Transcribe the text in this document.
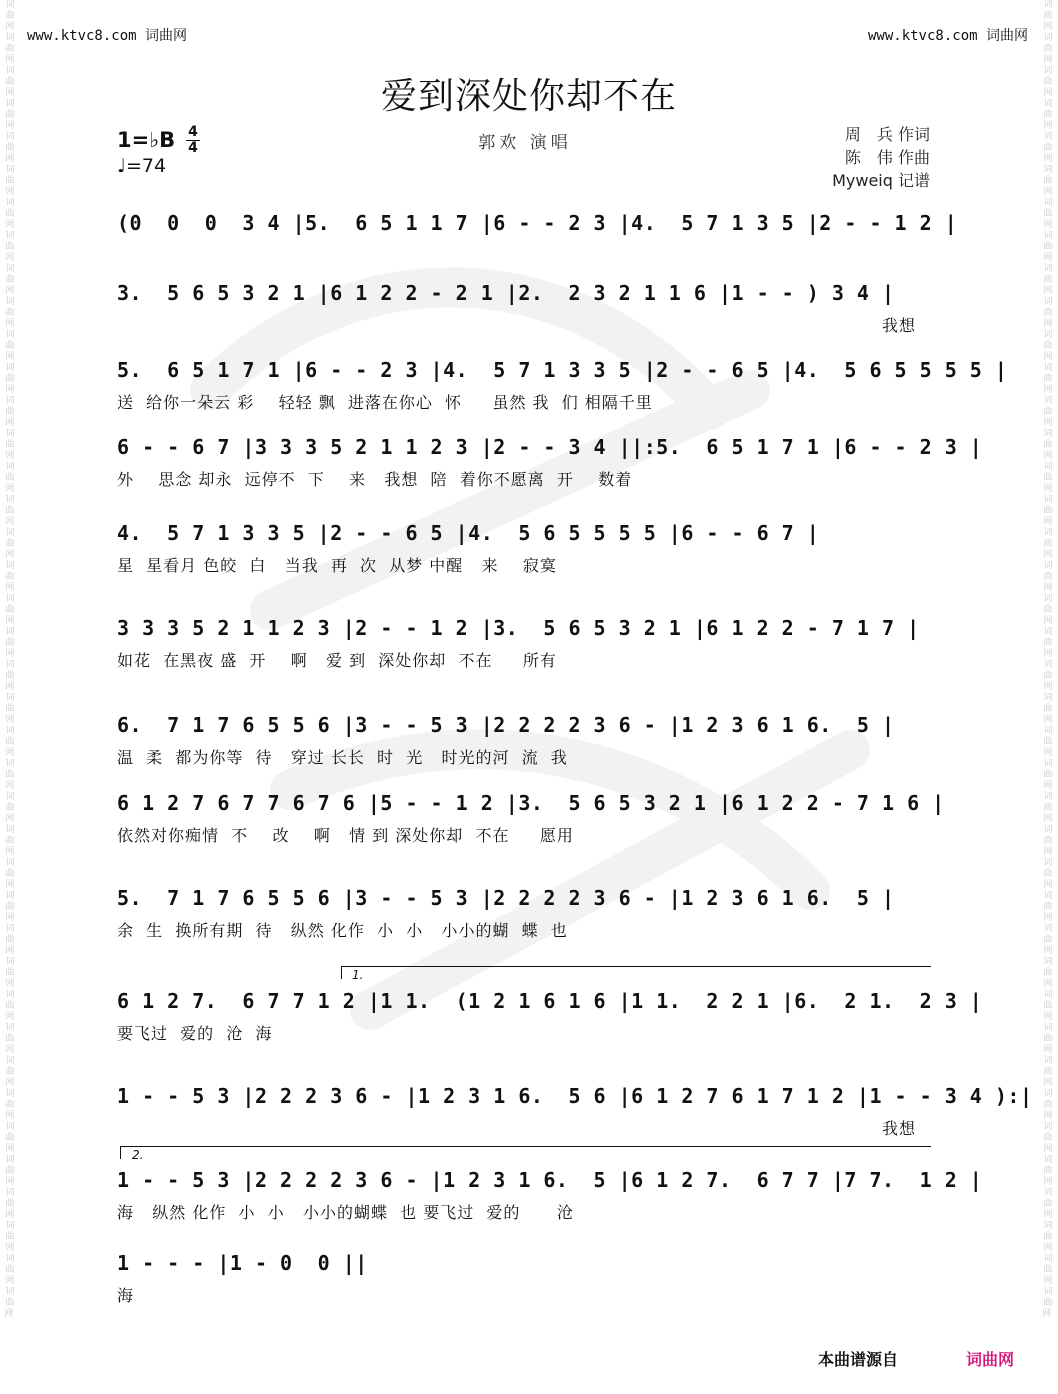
词曲网 词曲网 词曲网 词曲网 词曲网 词曲网 词曲网 词曲网 词曲网 词曲网 词曲网 词曲网 词曲网 词曲网 词曲网 词曲网 词曲网 词曲网 词曲网 词曲网 词曲网 词曲网 词曲网 词曲网 词曲网 词曲网 词曲网 词曲网 词曲网 词曲网 词曲网 词曲网 词曲网 词曲网 词曲网 词曲网 词曲网 词曲网 词曲网 词曲网
词曲网 词曲网 词曲网 词曲网 词曲网 词曲网 词曲网 词曲网 词曲网 词曲网 词曲网 词曲网 词曲网 词曲网 词曲网 词曲网 词曲网 词曲网 词曲网 词曲网 词曲网 词曲网 词曲网 词曲网 词曲网 词曲网 词曲网 词曲网 词曲网 词曲网 词曲网 词曲网 词曲网 词曲网 词曲网 词曲网 词曲网 词曲网 词曲网 词曲网
www.ktvc8.com 词曲网	www.ktvc8.com 词曲网
爱到深处你却不在
1=♭B 4
4
♩=74
郭欢 演唱	周　兵 作词
陈　伟 作曲
Myweiq 记谱
(0  0  0  3 4 |5.  6 5 1 1 7 |6 - - 2 3 |4.  5 7 1 3 5 |2 - - 1 2 |
3.  5 6 5 3 2 1 |6 1 2 2 - 2 1 |2.  2 3 2 1 1 6 |1 - - ) 3 4 |
我想
5.  6 5 1 7 1 |6 - - 2 3 |4.  5 7 1 3 3 5 |2 - - 6 5 |4.  5 6 5 5 5 5 |
送  给你一朵云 彩    轻轻 飘  进落在你心  怀     虽然 我  们 相隔千里
6 - - 6 7 |3 3 3 5 2 1 1 2 3 |2 - - 3 4 ||:5.  6 5 1 7 1 |6 - - 2 3 |
外    思念 却永  远停不  下    来   我想  陪  着你不愿离  开    数着
4.  5 7 1 3 3 5 |2 - - 6 5 |4.  5 6 5 5 5 5 |6 - - 6 7 |
星  星看月 色皎  白   当我  再  次  从梦 中醒   来    寂寞
3 3 3 5 2 1 1 2 3 |2 - - 1 2 |3.  5 6 5 3 2 1 |6 1 2 2 - 7 1 7 |
如花  在黑夜 盛  开    啊   爱 到  深处你却  不在     所有
6.  7 1 7 6 5 5 6 |3 - - 5 3 |2 2 2 2 3 6 - |1 2 3 6 1 6.  5 |
温  柔  都为你等  待   穿过 长长  时  光   时光的河  流  我
6 1 2 7 6 7 7 6 7 6 |5 - - 1 2 |3.  5 6 5 3 2 1 |6 1 2 2 - 7 1 6 |
依然对你痴情  不    改    啊   情 到 深处你却  不在     愿用
5.  7 1 7 6 5 5 6 |3 - - 5 3 |2 2 2 2 3 6 - |1 2 3 6 1 6.  5 |
余  生  换所有期  待   纵然 化作  小  小   小小的蝴  蝶  也
6 1 2 7.  6 7 7 1 2 |1 1.  (1 2 1 6 1 6 |1 1.  2 2 1 |6.  2 1.  2 3 |
要飞过  爱的  沧  海
1 - - 5 3 |2 2 2 3 6 - |1 2 3 1 6.  5 6 |6 1 2 7 6 1 7 1 2 |1 - - 3 4 ):|
我想
1 - - 5 3 |2 2 2 2 3 6 - |1 2 3 1 6.  5 |6 1 2 7.  6 7 7 |7 7.  1 2 |
海   纵然 化作  小  小   小小的蝴蝶  也 要飞过  爱的      沧
1 - - - |1 - 0  0 ||
海
1.
2.
本曲谱源自	词曲网
